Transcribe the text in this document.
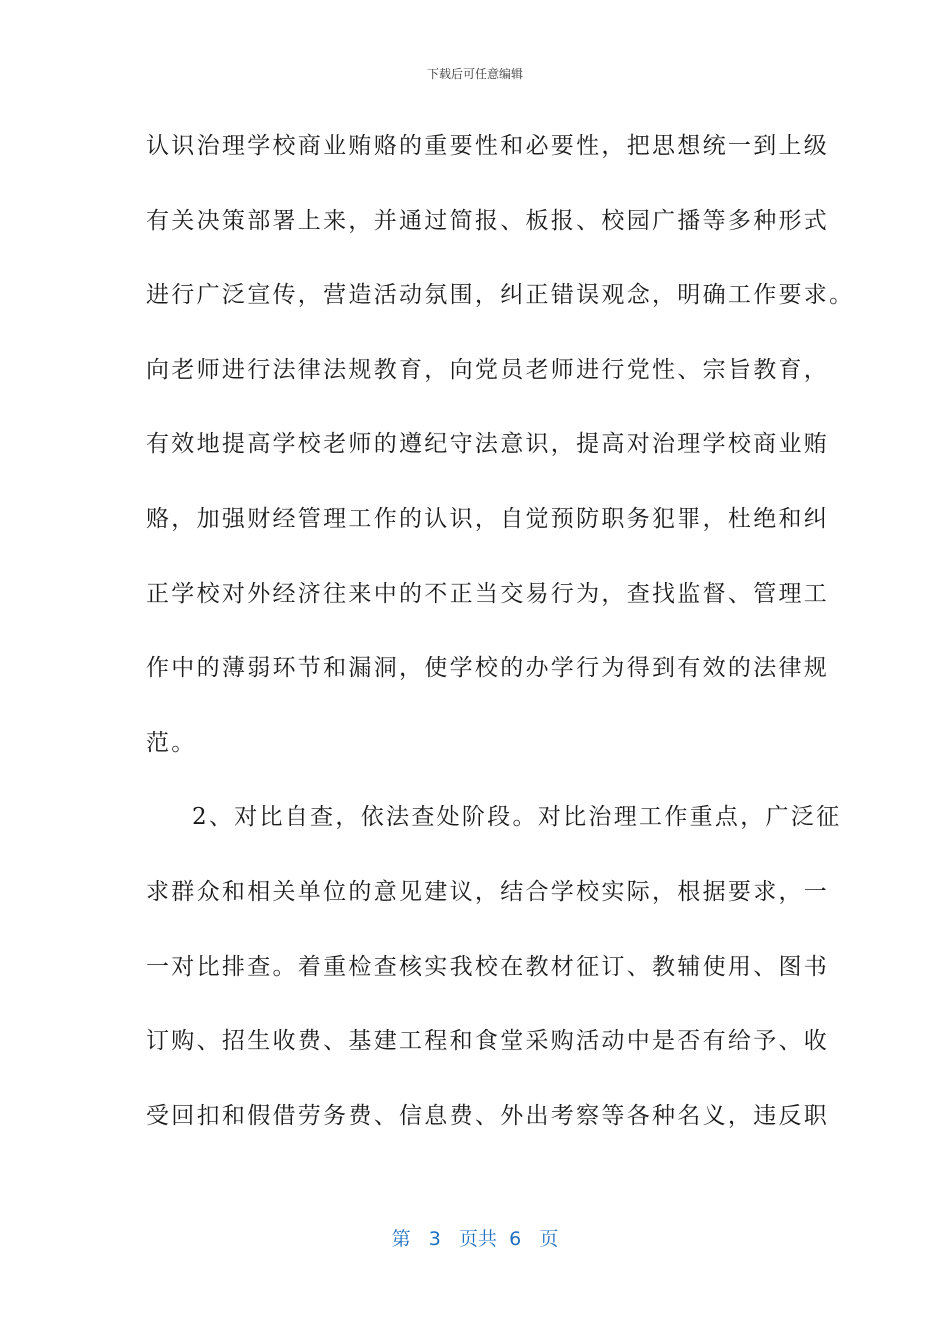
下载后可任意编辑
认识治理学校商业贿赂的重要性和必要性，把思想统一到上级
有关决策部署上来，并通过简报、板报、校园广播等多种形式
进行广泛宣传，营造活动氛围，纠正错误观念，明确工作要求。
向老师进行法律法规教育，向党员老师进行党性、宗旨教育，
有效地提高学校老师的遵纪守法意识，提高对治理学校商业贿
赂，加强财经管理工作的认识，自觉预防职务犯罪，杜绝和纠
正学校对外经济往来中的不正当交易行为，查找监督、管理工
作中的薄弱环节和漏洞，使学校的办学行为得到有效的法律规
范。
2、对比自查，依法查处阶段。对比治理工作重点，广泛征
求群众和相关单位的意见建议，结合学校实际，根据要求，一
一对比排查。着重检查核实我校在教材征订、教辅使用、图书
订购、招生收费、基建工程和食堂采购活动中是否有给予、收
受回扣和假借劳务费、信息费、外出考察等各种名义，违反职
第 3 页共 6 页
